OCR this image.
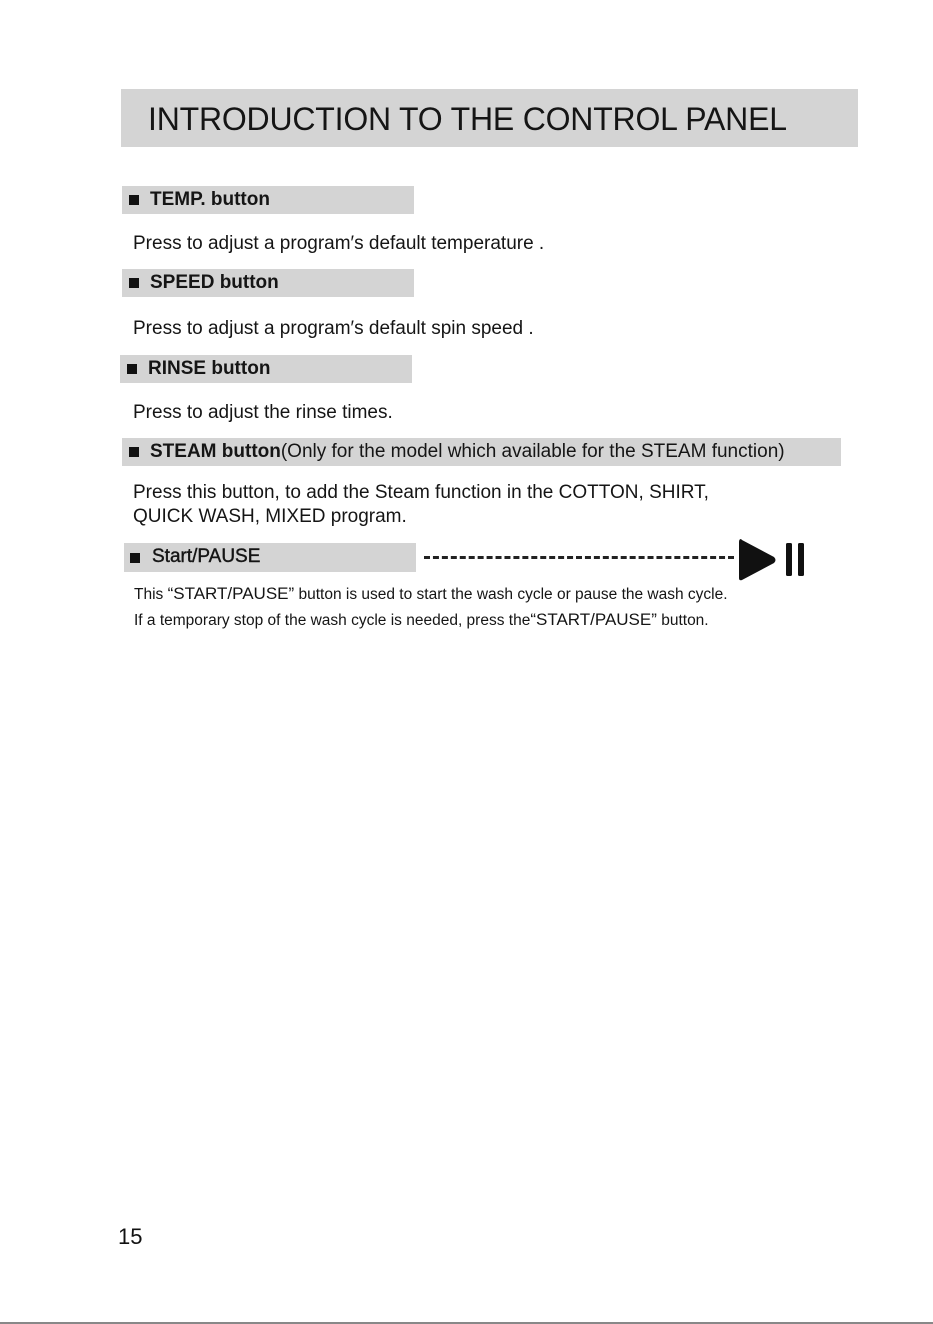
INTRODUCTION TO THE CONTROL PANEL
TEMP. button
Press to adjust a program′s default temperature .
SPEED button
Press to adjust a program′s default spin speed .
RINSE button
Press to adjust the rinse times.
STEAM button(Only for the model which available for the STEAM function)
Press this button, to add the Steam function in the COTTON, SHIRT,
QUICK WASH, MIXED program.
Start/PAUSE
This “START/PAUSE” button is used to start the wash cycle or pause the wash cycle.
If a temporary stop of the wash cycle is needed, press the“START/PAUSE” button.
15
